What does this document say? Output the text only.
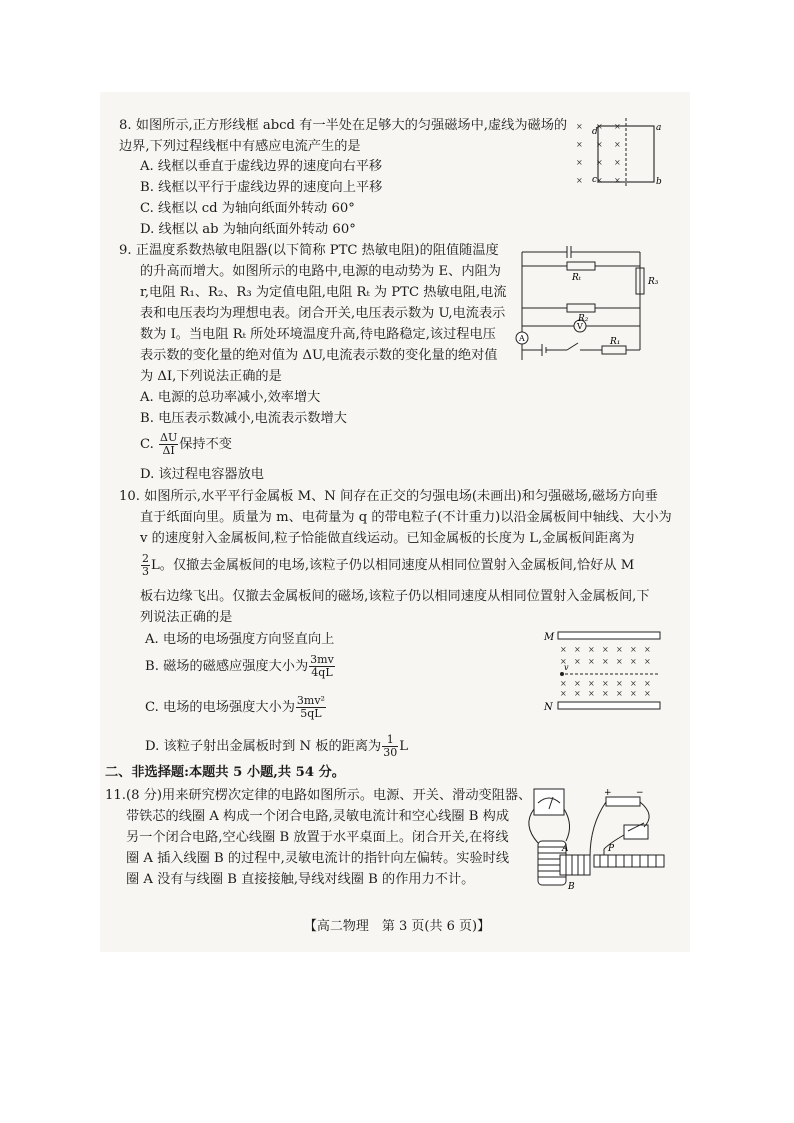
8. 如图所示,正方形线框 abcd 有一半处在足够大的匀强磁场中,虚线为磁场的
边界,下列过程线框中有感应电流产生的是
A. 线框以垂直于虚线边界的速度向右平移
B. 线框以平行于虚线边界的速度向上平移
C. 线框以 cd 为轴向纸面外转动 60°
D. 线框以 ab 为轴向纸面外转动 60°
× × ×
× × ×
× × ×
× × ×
d
c
a
b
9. 正温度系数热敏电阻器(以下简称 PTC 热敏电阻)的阻值随温度
的升高而增大。如图所示的电路中,电源的电动势为 E、内阻为
r,电阻 R₁、R₂、R₃ 为定值电阻,电阻 Rₜ 为 PTC 热敏电阻,电流
表和电压表均为理想电表。闭合开关,电压表示数为 U,电流表示
数为 I。当电阻 Rₜ 所处环境温度升高,待电路稳定,该过程电压
表示数的变化量的绝对值为 ΔU,电流表示数的变化量的绝对值
为 ΔI,下列说法正确的是
A. 电源的总功率减小,效率增大
B. 电压表示数减小,电流表示数增大
C. $\frac{\Delta U}{\Delta I}$ 保持不变
D. 该过程电容器放电
A
V
Rₜ	R₃
R₂
R₁
10. 如图所示,水平平行金属板 M、N 间存在正交的匀强电场(未画出)和匀强磁场,磁场方向垂
直于纸面向里。质量为 m、电荷量为 q 的带电粒子(不计重力)以沿金属板间中轴线、大小为
v 的速度射入金属板间,粒子恰能做直线运动。已知金属板的长度为 L,金属板间距离为
$\frac{2}{3}$ L。仅撤去金属板间的电场,该粒子仍以相同速度从相同位置射入金属板间,恰好从 M
板右边缘飞出。仅撤去金属板间的磁场,该粒子仍以相同速度从相同位置射入金属板间,下
列说法正确的是
A. 电场的电场强度方向竖直向上
B. 磁场的磁感应强度大小为 $\frac{3mv}{4qL}$
C. 电场的电场强度大小为 $\frac{\text{3mv²}}{5qL}$
D. 该粒子射出金属板时到 N 板的距离为 $\frac{1}{30}$ L
M
N
× × × × × × ×
× × × × × × ×
× × × × × × ×
× × × × × × ×
v
二、非选择题:本题共 5 小题,共 54 分。
11.(8 分)用来研究楞次定律的电路如图所示。电源、开关、滑动变阻器、
带铁芯的线圈 A 构成一个闭合电路,灵敏电流计和空心线圈 B 构成
另一个闭合电路,空心线圈 B 放置于水平桌面上。闭合开关,在将线
圈 A 插入线圈 B 的过程中,灵敏电流计的指针向左偏转。实验时线
圈 A 没有与线圈 B 直接接触,导线对线圈 B 的作用力不计。
+	−
P
A
B
【高二物理　第 3 页(共 6 页)】
